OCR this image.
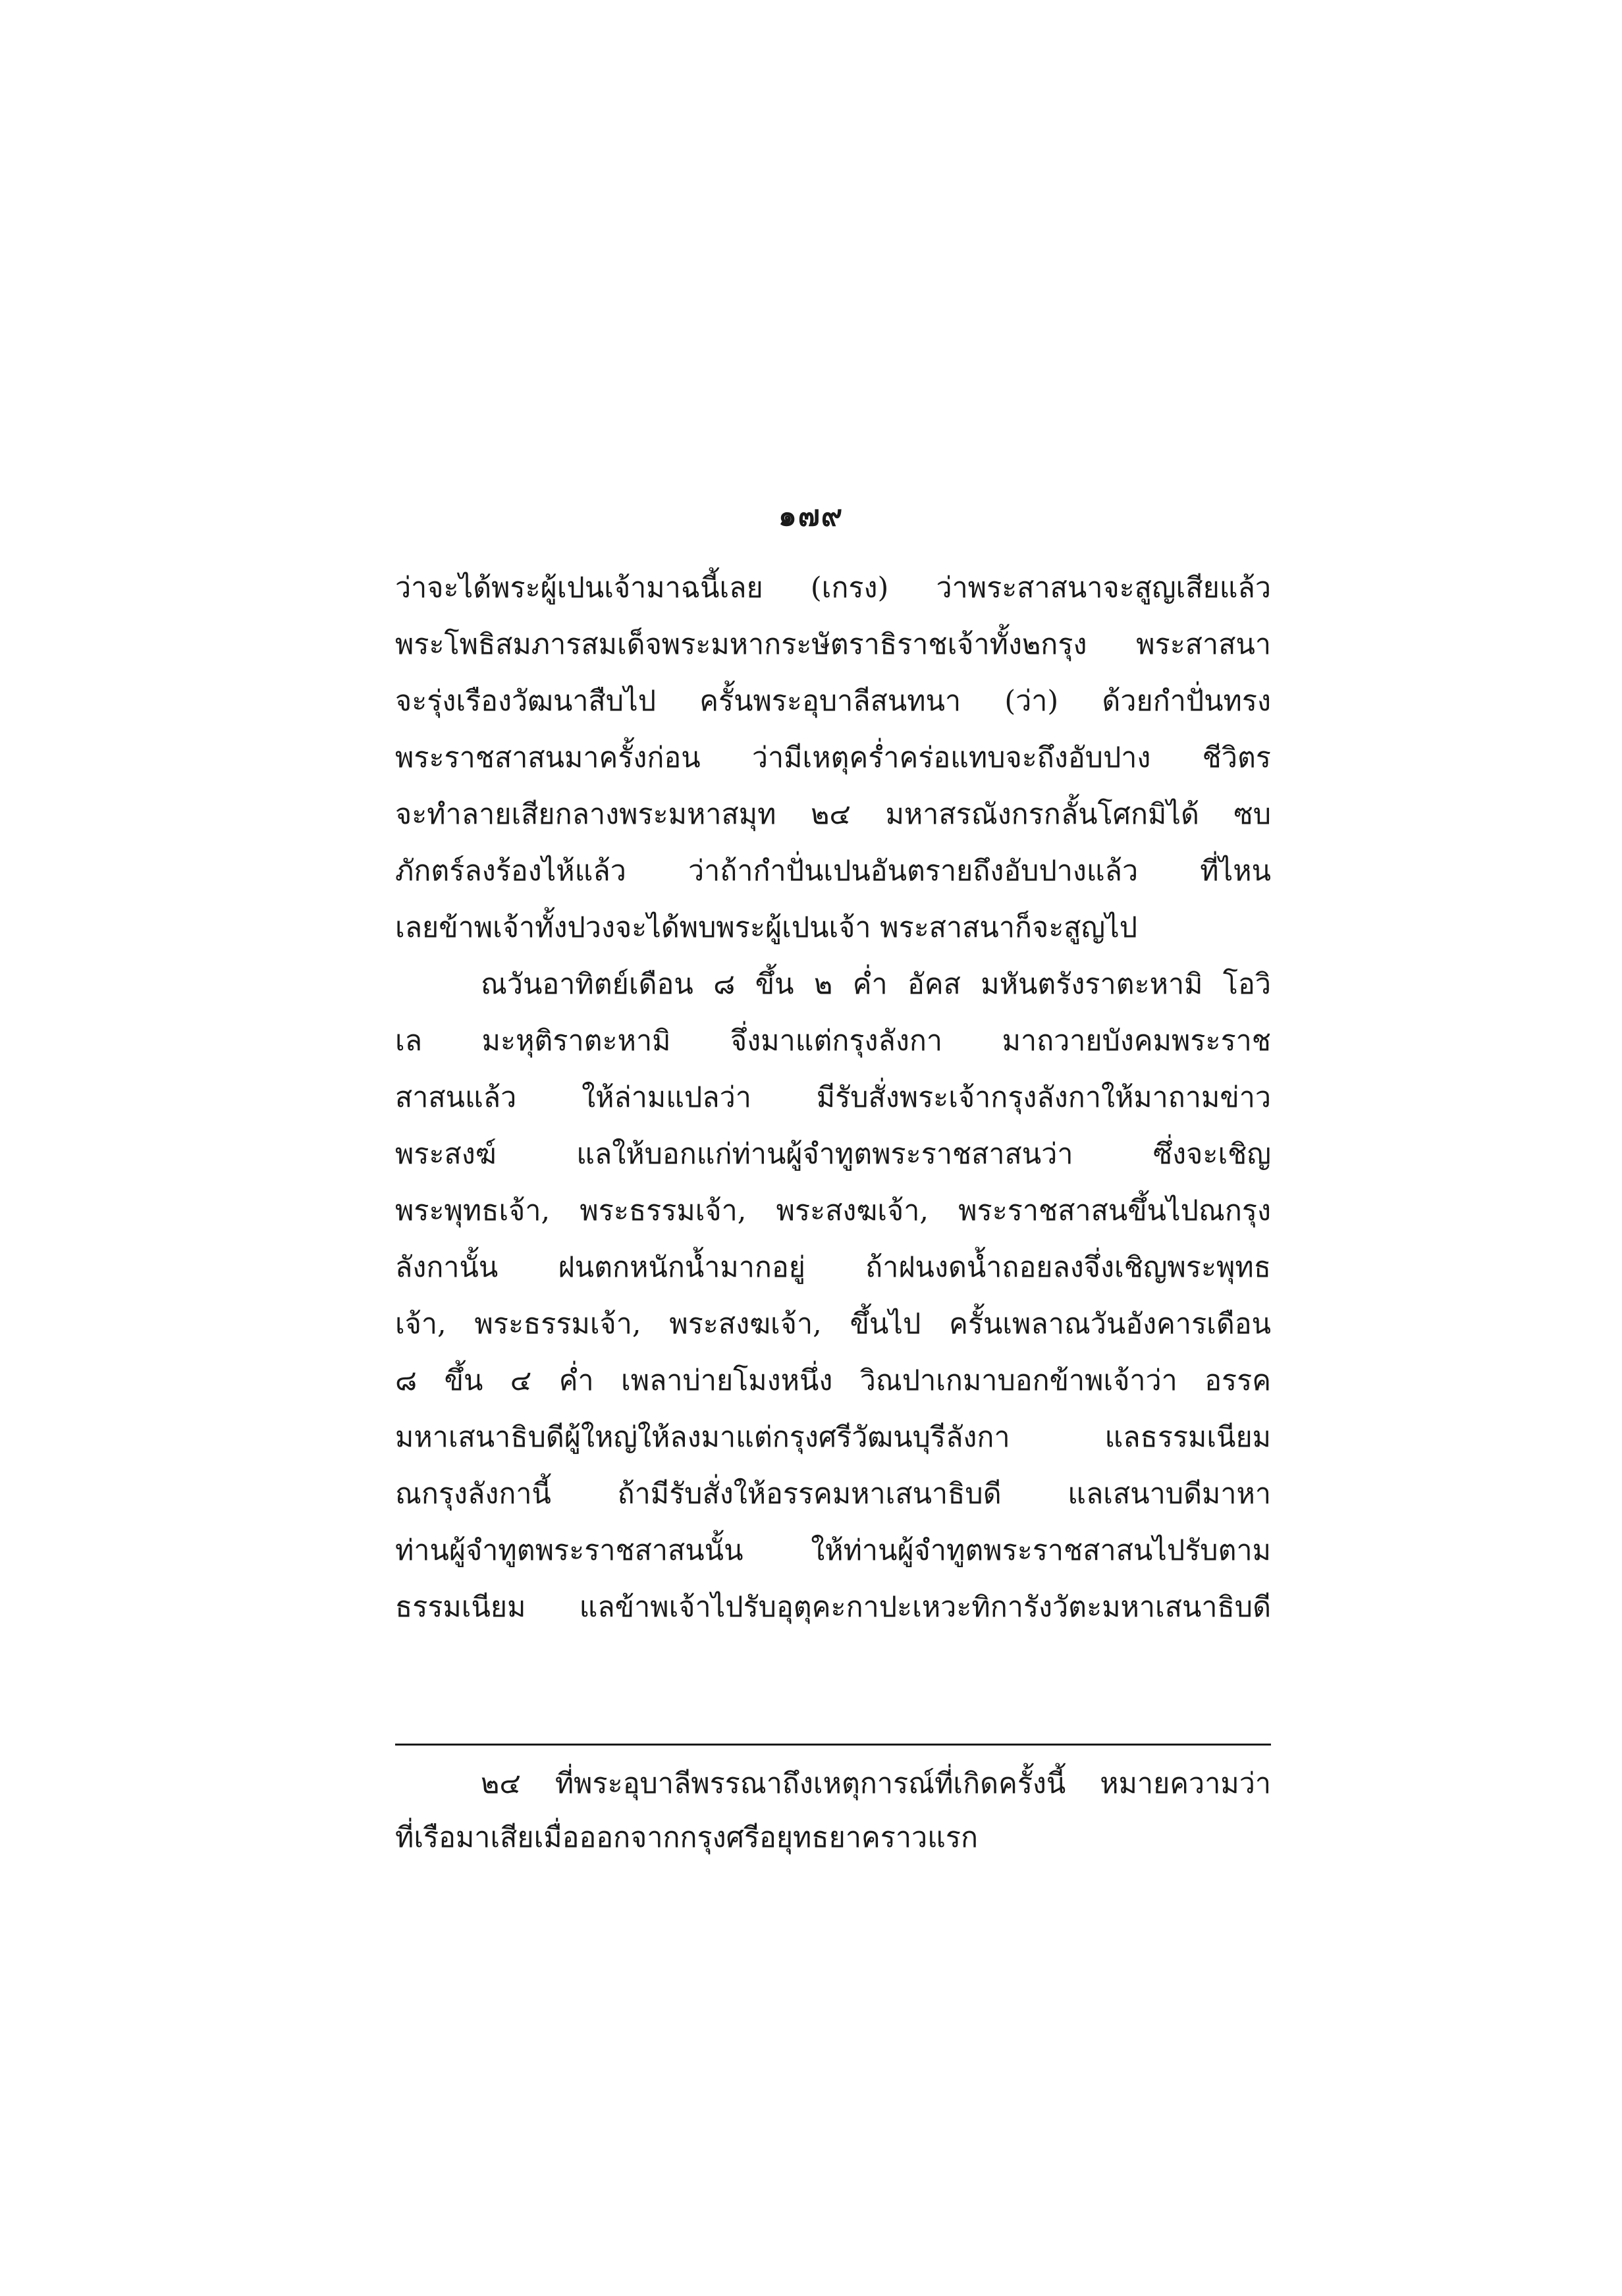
๑๗๙
ว่าจะได้พระผู้เปนเจ้ามาฉนี้เลย (เกรง) ว่าพระสาสนาจะสูญเสียแล้ว
พระโพธิสมภารสมเด็จพระมหากระษัตราธิราชเจ้าทั้ง๒กรุง พระสาสนา
จะรุ่งเรืองวัฒนาสืบไป ครั้นพระอุบาลีสนทนา (ว่า) ด้วยกำปั่นทรง
พระราชสาสนมาครั้งก่อน ว่ามีเหตุคร่ำคร่อแทบจะถึงอับปาง ชีวิตร
จะทำลายเสียกลางพระมหาสมุท ๒๔ มหาสรณังกรกลั้นโศกมิได้ ซบ
ภักตร์ลงร้องไห้แล้ว ว่าถ้ากำปั่นเปนอันตรายถึงอับปางแล้ว ที่ไหน
เลยข้าพเจ้าทั้งปวงจะได้พบพระผู้เปนเจ้า พระสาสนาก็จะสูญไป
ณวันอาทิตย์เดือน ๘ ขึ้น ๒ ค่ำ อัคส มหันตรังราตะหามิ โอวิ
เล มะหุติราตะหามิ จึ่งมาแต่กรุงลังกา มาถวายบังคมพระราช
สาสนแล้ว ให้ล่ามแปลว่า มีรับสั่งพระเจ้ากรุงลังกาให้มาถามข่าว
พระสงฆ์ แลให้บอกแก่ท่านผู้จำทูตพระราชสาสนว่า ซึ่งจะเชิญ
พระพุทธเจ้า, พระธรรมเจ้า, พระสงฆเจ้า, พระราชสาสนขึ้นไปณกรุง
ลังกานั้น ฝนตกหนักน้ำมากอยู่ ถ้าฝนงดน้ำถอยลงจึ่งเชิญพระพุทธ
เจ้า, พระธรรมเจ้า, พระสงฆเจ้า, ขึ้นไป ครั้นเพลาณวันอังคารเดือน
๘ ขึ้น ๔ ค่ำ เพลาบ่ายโมงหนึ่ง วิณปาเกมาบอกข้าพเจ้าว่า อรรค
มหาเสนาธิบดีผู้ใหญ่ให้ลงมาแต่กรุงศรีวัฒนบุรีลังกา แลธรรมเนียม
ณกรุงลังกานี้ ถ้ามีรับสั่งให้อรรคมหาเสนาธิบดี แลเสนาบดีมาหา
ท่านผู้จำทูตพระราชสาสนนั้น ให้ท่านผู้จำทูตพระราชสาสนไปรับตาม
ธรรมเนียม แลข้าพเจ้าไปรับอุตุคะกาปะเหวะทิการังวัตะมหาเสนาธิบดี
๒๔ ที่พระอุบาลีพรรณาถึงเหตุการณ์ที่เกิดครั้งนี้ หมายความว่า
ที่เรือมาเสียเมื่อออกจากกรุงศรีอยุทธยาคราวแรก
